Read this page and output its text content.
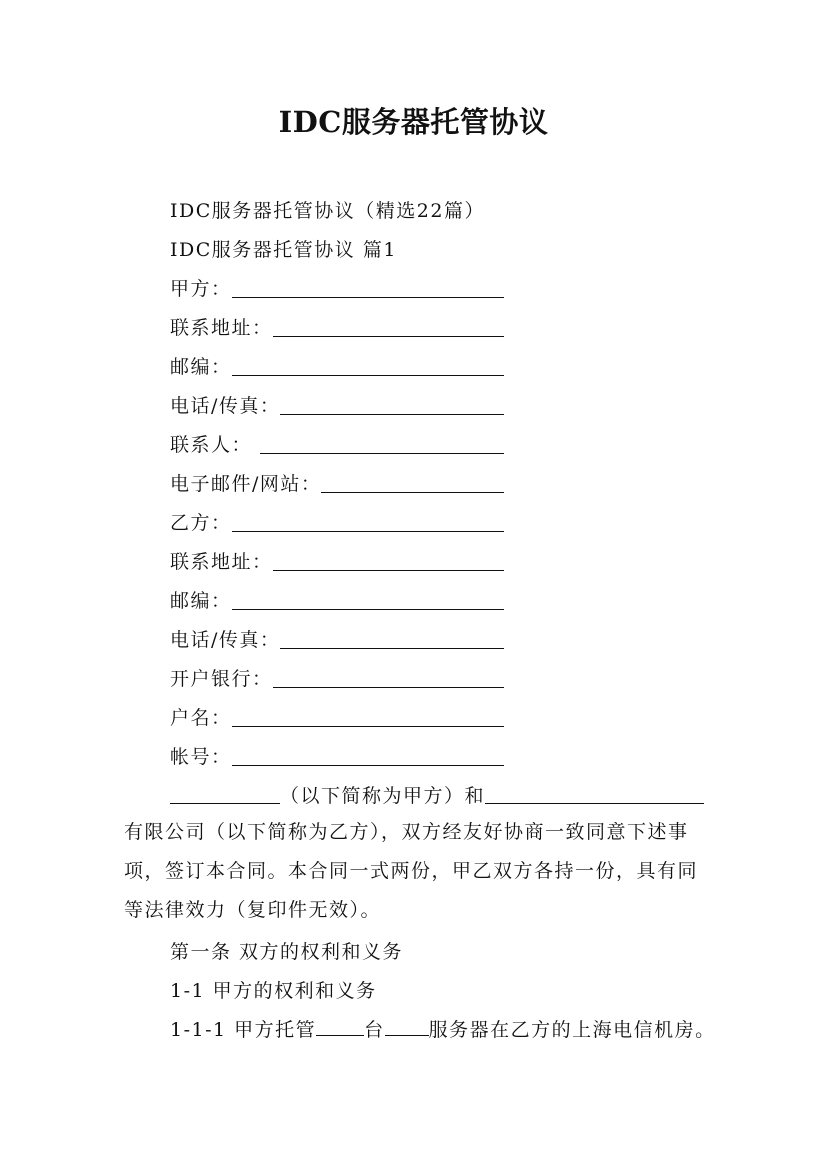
IDC服务器托管协议
IDC服务器托管协议（精选22篇）
IDC服务器托管协议 篇1
甲方：
联系地址：
邮编：
电话/传真：
联系人：
电子邮件/网站：
乙方：
联系地址：
邮编：
电话/传真：
开户银行：
户名：
帐号：
（以下简称为甲方）和
有限公司（以下简称为乙方），双方经友好协商一致同意下述事项，签订本合同。本合同一式两份，甲乙双方各持一份，具有同等法律效力（复印件无效）。
第一条 双方的权利和义务
1-1 甲方的权利和义务
1-1-1 甲方托管	台 服务器在乙方的上海电信机房。
